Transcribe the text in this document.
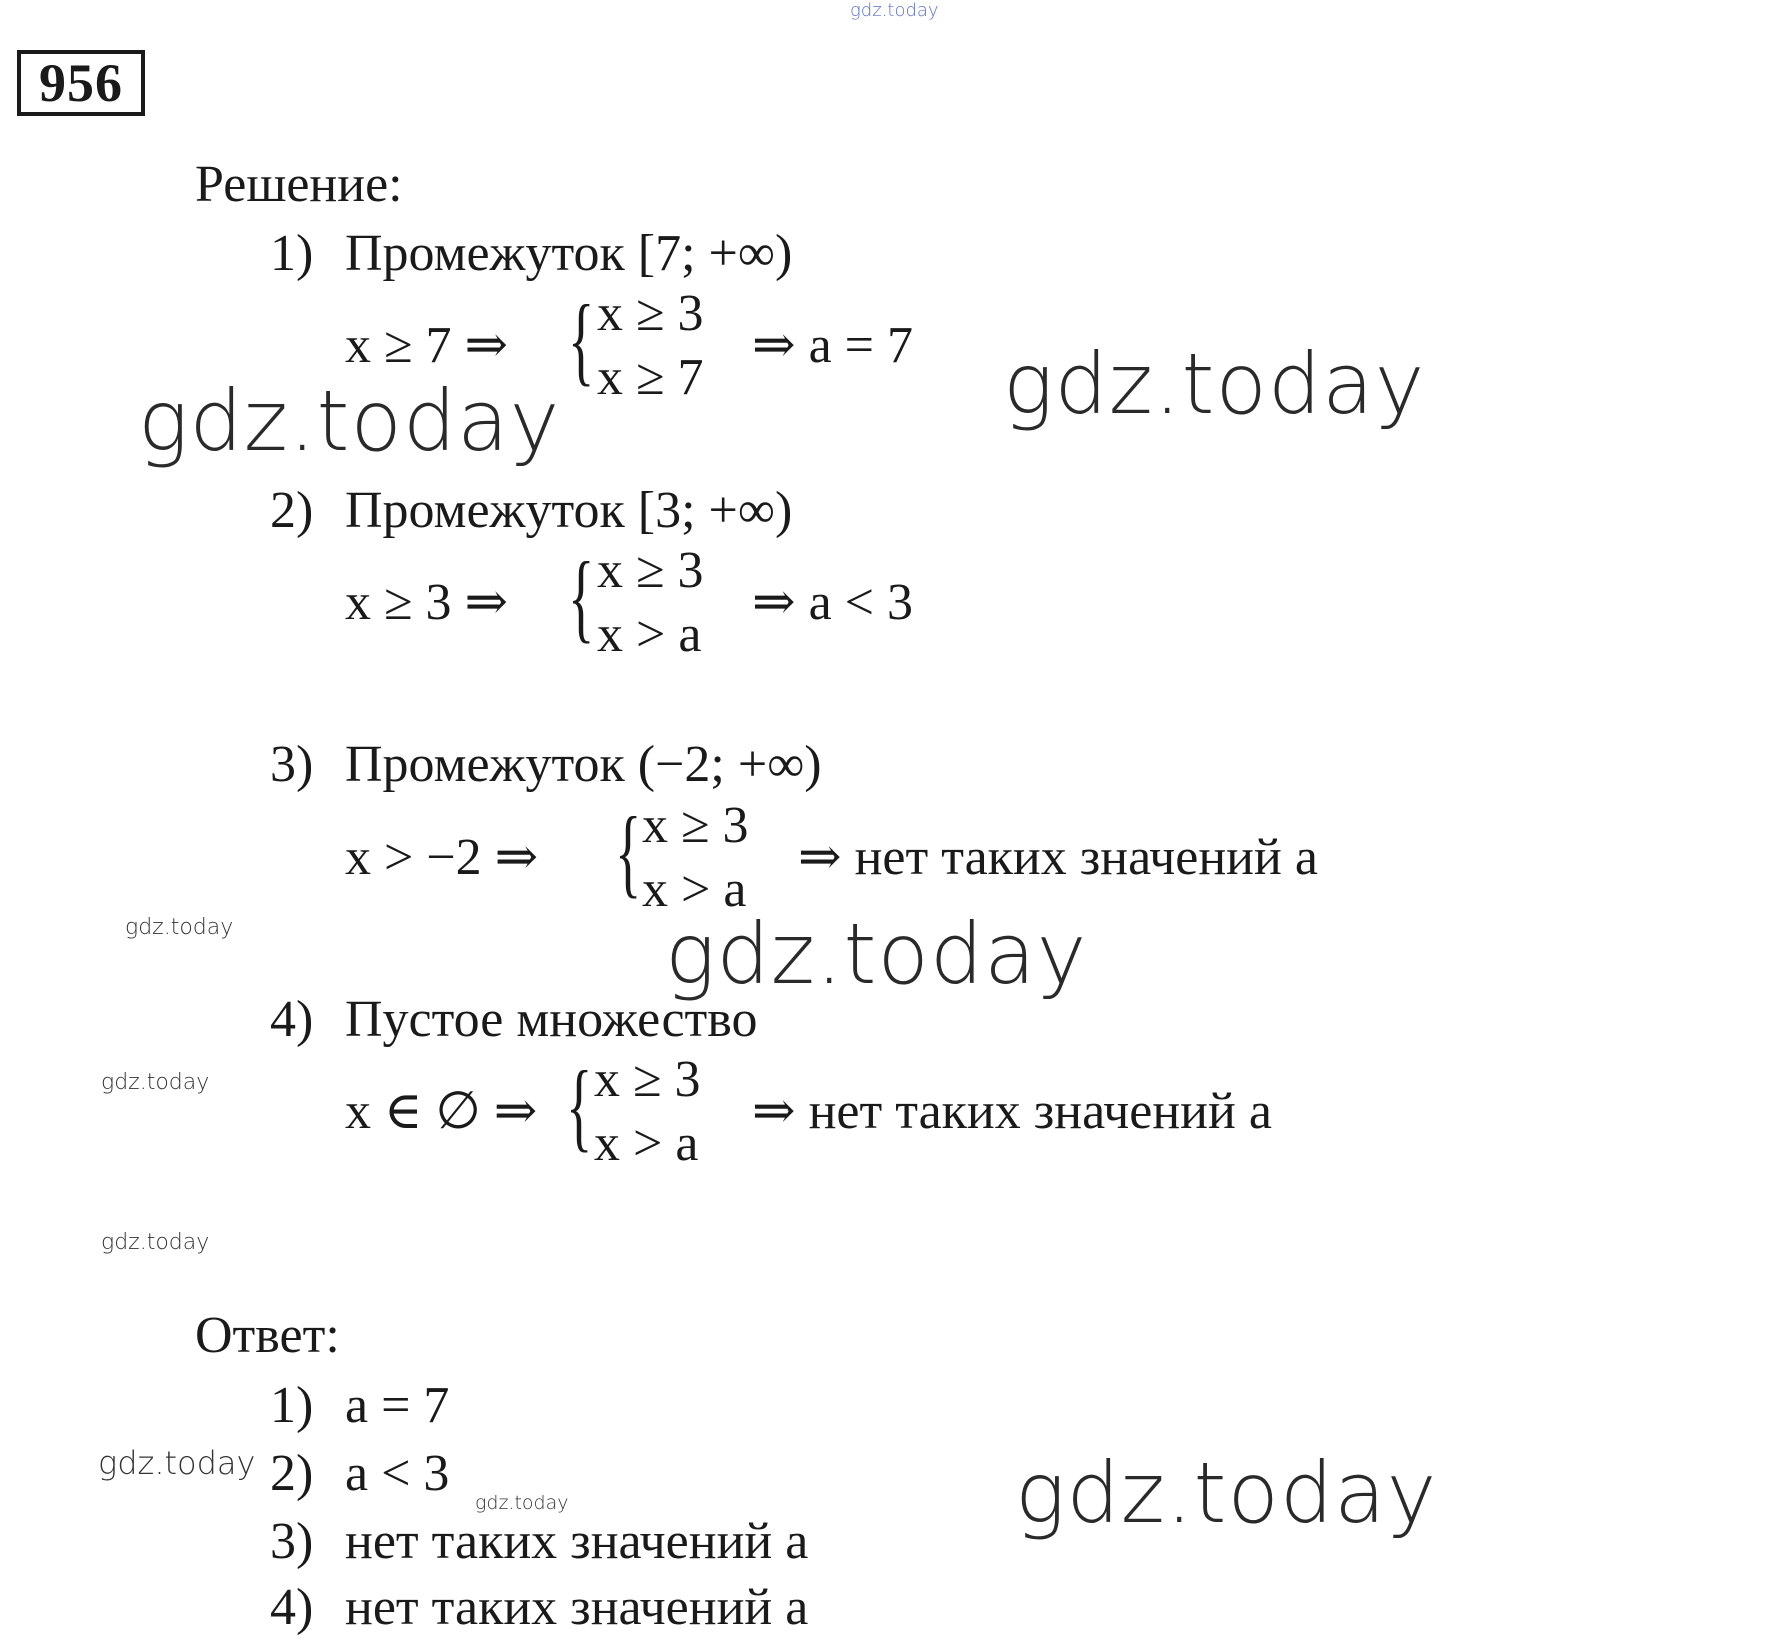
gdz.today
956
Решение:
1) Промежуток [7; +∞)
x ≥ 7 ⇒ { x ≥ 3
x ≥ 7
⇒ a = 7
2) Промежуток [3; +∞)
x ≥ 3 ⇒ { x ≥ 3
x > a
⇒ a < 3
3) Промежуток (−2; +∞)
x > −2 ⇒ { x ≥ 3
x > a
⇒ нет таких значений a
4) Пустое множество
x ∈ ∅ ⇒ { x ≥ 3
x > a
⇒ нет таких значений a
Ответ:
1) a = 7
2) a < 3
3) нет таких значений a
4) нет таких значений a
gdz.today	gdz.today
gdz.today
gdz.today
gdz.today
gdz.today
gdz.today
gdz.today
gdz.today
